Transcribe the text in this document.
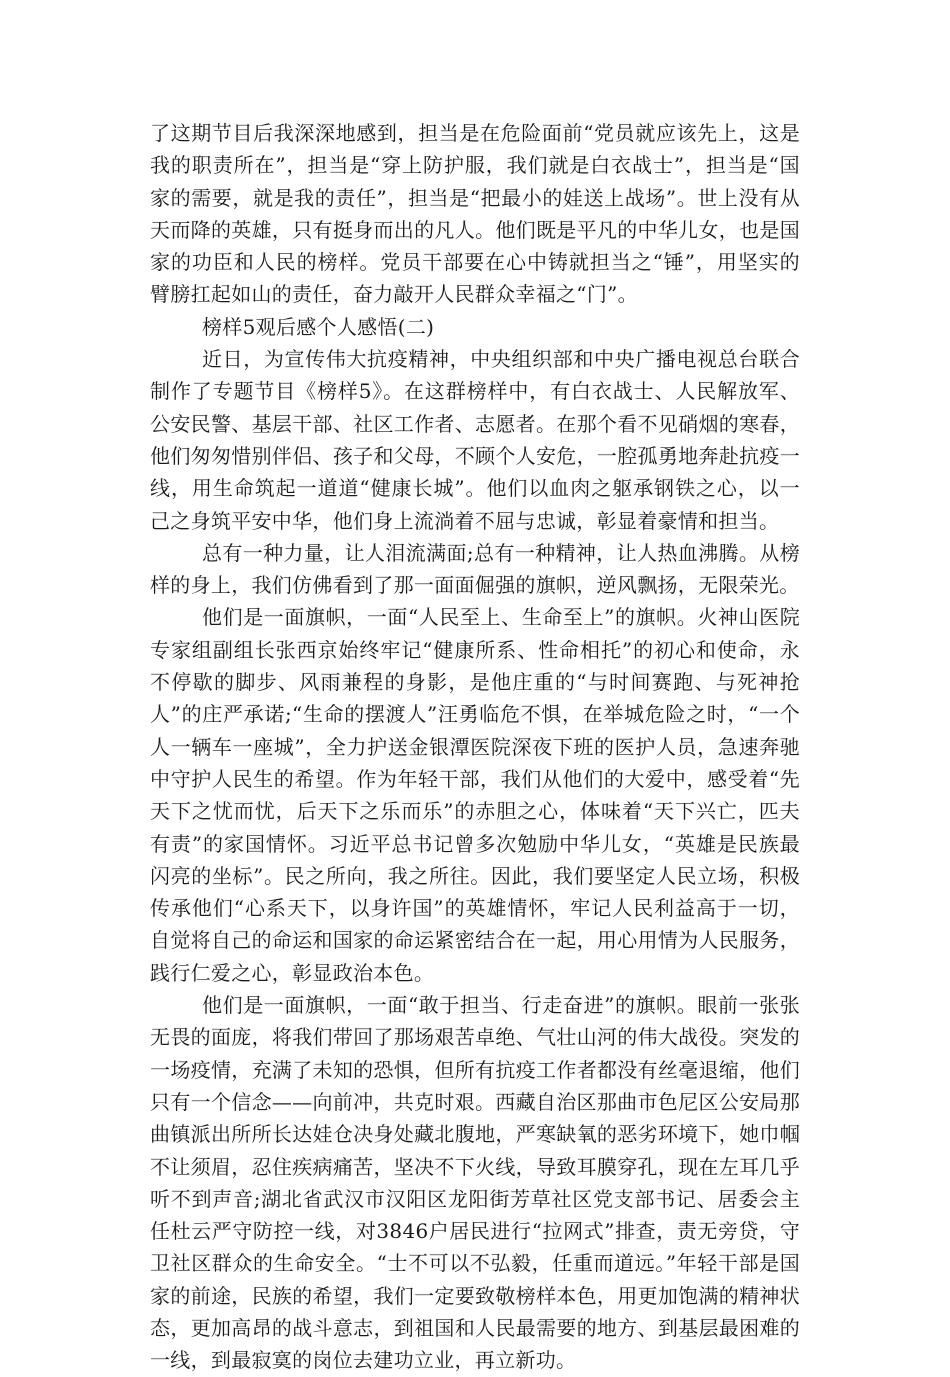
了这期节目后我深深地感到，担当是在危险面前“党员就应该先上，这是我的职责所在”，担当是“穿上防护服，我们就是白衣战士”，担当是“国家的需要，就是我的责任”，担当是“把最小的娃送上战场”。世上没有从天而降的英雄，只有挺身而出的凡人。他们既是平凡的中华儿女，也是国家的功臣和人民的榜样。党员干部要在心中铸就担当之“锤”，用坚实的臂膀扛起如山的责任，奋力敲开人民群众幸福之“门”。

榜样5观后感个人感悟(二)

近日，为宣传伟大抗疫精神，中央组织部和中央广播电视总台联合制作了专题节目《榜样5》。在这群榜样中，有白衣战士、人民解放军、公安民警、基层干部、社区工作者、志愿者。在那个看不见硝烟的寒春，他们匆匆惜别伴侣、孩子和父母，不顾个人安危，一腔孤勇地奔赴抗疫一线，用生命筑起一道道“健康长城”。他们以血肉之躯承钢铁之心，以一己之身筑平安中华，他们身上流淌着不屈与忠诚，彰显着豪情和担当。

总有一种力量，让人泪流满面;总有一种精神，让人热血沸腾。从榜样的身上，我们仿佛看到了那一面面倔强的旗帜，逆风飘扬，无限荣光。

他们是一面旗帜，一面“人民至上、生命至上”的旗帜。火神山医院专家组副组长张西京始终牢记“健康所系、性命相托”的初心和使命，永不停歇的脚步、风雨兼程的身影，是他庄重的“与时间赛跑、与死神抢人”的庄严承诺;“生命的摆渡人”汪勇临危不惧，在举城危险之时，“一个人一辆车一座城”，全力护送金银潭医院深夜下班的医护人员，急速奔驰中守护人民生的希望。作为年轻干部，我们从他们的大爱中，感受着“先天下之忧而忧，后天下之乐而乐”的赤胆之心，体味着“天下兴亡，匹夫有责”的家国情怀。习近平总书记曾多次勉励中华儿女，“英雄是民族最闪亮的坐标”。民之所向，我之所往。因此，我们要坚定人民立场，积极传承他们“心系天下，以身许国”的英雄情怀，牢记人民利益高于一切，自觉将自己的命运和国家的命运紧密结合在一起，用心用情为人民服务，践行仁爱之心，彰显政治本色。

他们是一面旗帜，一面“敢于担当、行走奋进”的旗帜。眼前一张张无畏的面庞，将我们带回了那场艰苦卓绝、气壮山河的伟大战役。突发的一场疫情，充满了未知的恐惧，但所有抗疫工作者都没有丝毫退缩，他们只有一个信念——向前冲，共克时艰。西藏自治区那曲市色尼区公安局那曲镇派出所所长达娃仓决身处藏北腹地，严寒缺氧的恶劣环境下，她巾帼不让须眉，忍住疾病痛苦，坚决不下火线，导致耳膜穿孔，现在左耳几乎听不到声音;湖北省武汉市汉阳区龙阳街芳草社区党支部书记、居委会主任杜云严守防控一线，对3846户居民进行“拉网式”排查，责无旁贷，守卫社区群众的生命安全。“士不可以不弘毅，任重而道远。”年轻干部是国家的前途，民族的希望，我们一定要致敬榜样本色，用更加饱满的精神状态，更加高昂的战斗意志，到祖国和人民最需要的地方、到基层最困难的一线，到最寂寞的岗位去建功立业，再立新功。
